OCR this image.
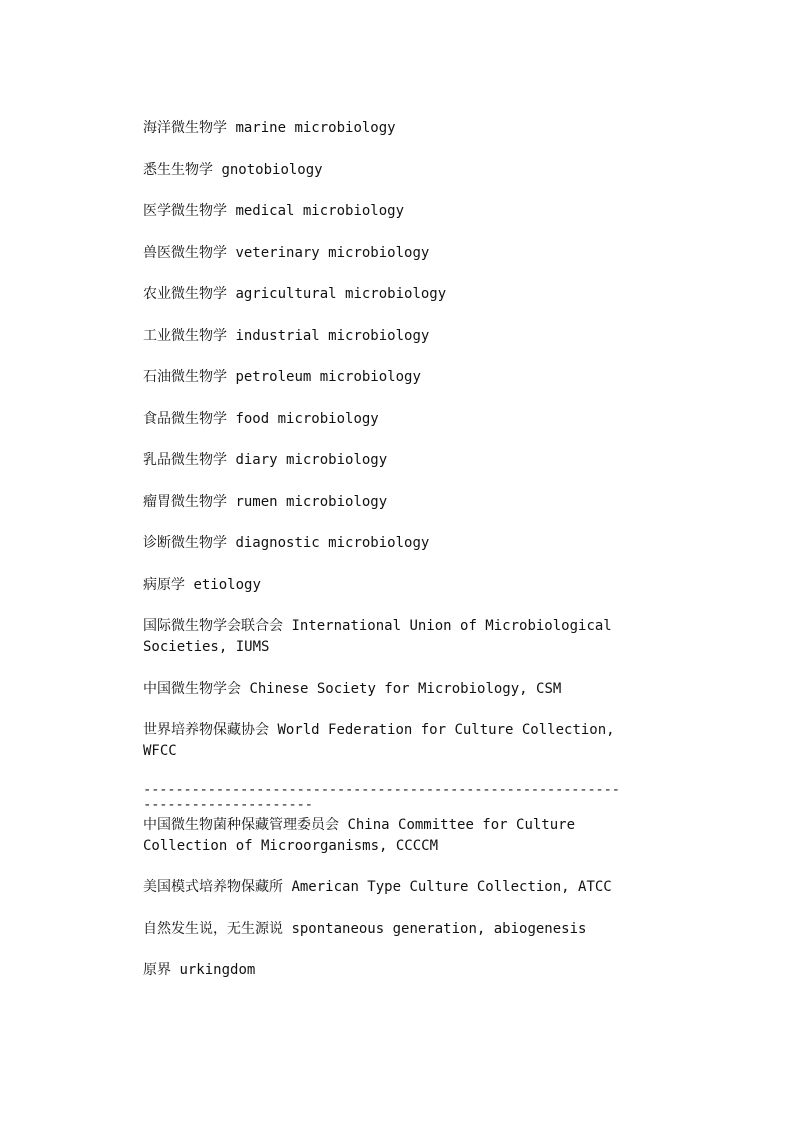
海洋微生物学 marine microbiology
悉生生物学 gnotobiology
医学微生物学 medical microbiology
兽医微生物学 veterinary microbiology
农业微生物学 agricultural microbiology
工业微生物学 industrial microbiology
石油微生物学 petroleum microbiology
食品微生物学 food microbiology
乳品微生物学 diary microbiology
瘤胃微生物学 rumen microbiology
诊断微生物学 diagnostic microbiology
病原学 etiology
国际微生物学会联合会 International Union of Microbiological Societies, IUMS
中国微生物学会 Chinese Society for Microbiology, CSM
世界培养物保藏协会 World Federation for Culture Collection, WFCC
--------------------------------------------------------------------------------
中国微生物菌种保藏管理委员会 China Committee for Culture Collection of Microorganisms, CCCCM
美国模式培养物保藏所 American Type Culture Collection, ATCC
自然发生说，无生源说 spontaneous generation, abiogenesis
原界 urkingdom
